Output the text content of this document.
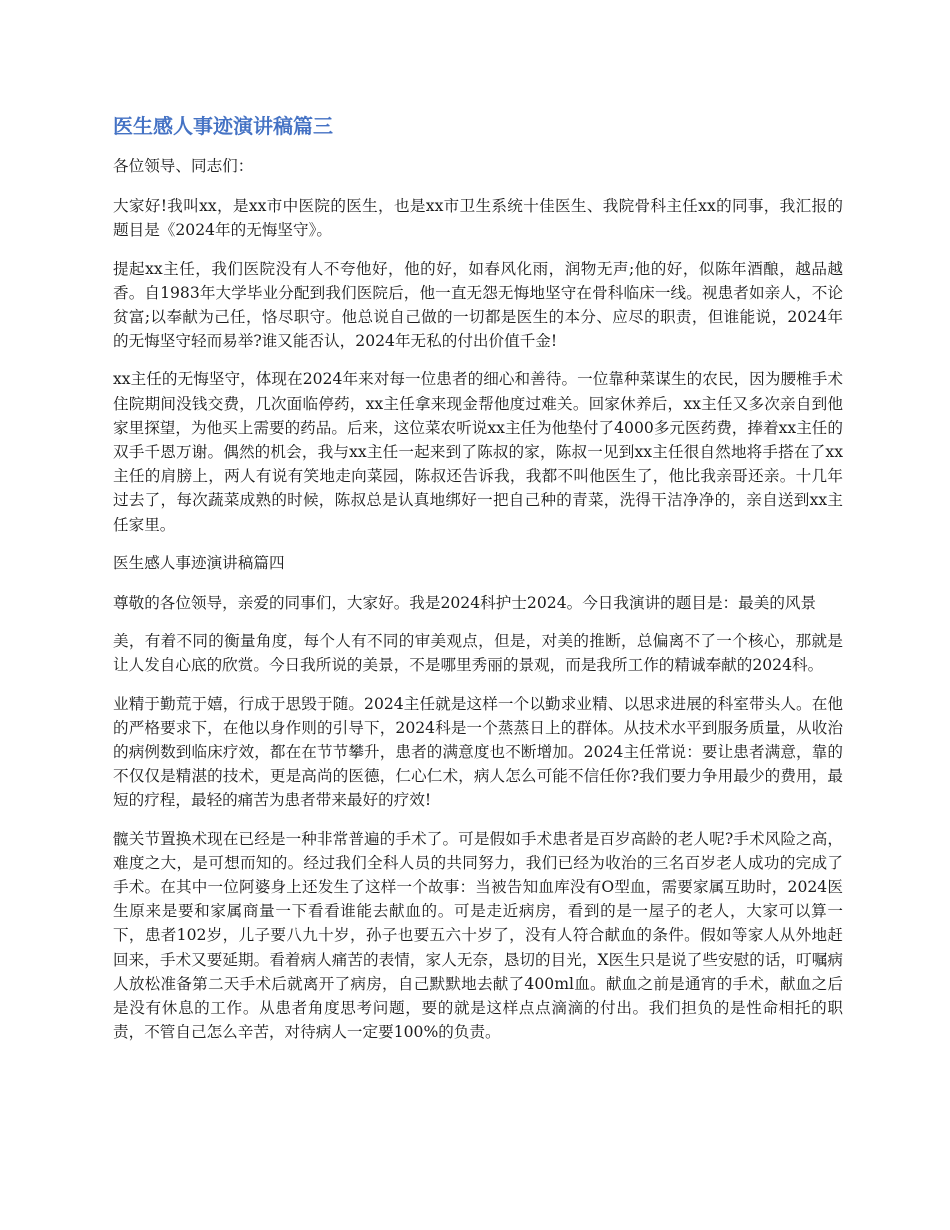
医生感人事迹演讲稿篇三

各位领导、同志们：

大家好!我叫xx，是xx市中医院的医生，也是xx市卫生系统十佳医生、我院骨科主任xx的同事，我汇报的题目是《2024年的无悔坚守》。

提起xx主任，我们医院没有人不夸他好，他的好，如春风化雨，润物无声;他的好，似陈年酒酿，越品越香。自1983年大学毕业分配到我们医院后，他一直无怨无悔地坚守在骨科临床一线。视患者如亲人，不论贫富;以奉献为己任，恪尽职守。他总说自己做的一切都是医生的本分、应尽的职责，但谁能说，2024年的无悔坚守轻而易举?谁又能否认，2024年无私的付出价值千金!

xx主任的无悔坚守，体现在2024年来对每一位患者的细心和善待。一位靠种菜谋生的农民，因为腰椎手术住院期间没钱交费，几次面临停药，xx主任拿来现金帮他度过难关。回家休养后，xx主任又多次亲自到他家里探望，为他买上需要的药品。后来，这位菜农听说xx主任为他垫付了4000多元医药费，捧着xx主任的双手千恩万谢。偶然的机会，我与xx主任一起来到了陈叔的家，陈叔一见到xx主任很自然地将手搭在了xx主任的肩膀上，两人有说有笑地走向菜园，陈叔还告诉我，我都不叫他医生了，他比我亲哥还亲。十几年过去了，每次蔬菜成熟的时候，陈叔总是认真地绑好一把自己种的青菜，洗得干洁净净的，亲自送到xx主任家里。

医生感人事迹演讲稿篇四

尊敬的各位领导，亲爱的同事们，大家好。我是2024科护士2024。今日我演讲的题目是：最美的风景

美，有着不同的衡量角度，每个人有不同的审美观点，但是，对美的推断，总偏离不了一个核心，那就是让人发自心底的欣赏。今日我所说的美景，不是哪里秀丽的景观，而是我所工作的精诚奉献的2024科。

业精于勤荒于嬉，行成于思毁于随。2024主任就是这样一个以勤求业精、以思求进展的科室带头人。在他的严格要求下，在他以身作则的引导下，2024科是一个蒸蒸日上的群体。从技术水平到服务质量，从收治的病例数到临床疗效，都在在节节攀升，患者的满意度也不断增加。2024主任常说：要让患者满意，靠的不仅仅是精湛的技术，更是高尚的医德，仁心仁术，病人怎么可能不信任你?我们要力争用最少的费用，最短的疗程，最轻的痛苦为患者带来最好的疗效!

髋关节置换术现在已经是一种非常普遍的手术了。可是假如手术患者是百岁高龄的老人呢?手术风险之高，难度之大，是可想而知的。经过我们全科人员的共同努力，我们已经为收治的三名百岁老人成功的完成了手术。在其中一位阿婆身上还发生了这样一个故事：当被告知血库没有O型血，需要家属互助时，2024医生原来是要和家属商量一下看看谁能去献血的。可是走近病房，看到的是一屋子的老人，大家可以算一下，患者102岁，儿子要八九十岁，孙子也要五六十岁了，没有人符合献血的条件。假如等家人从外地赶回来，手术又要延期。看着病人痛苦的表情，家人无奈，恳切的目光，X医生只是说了些安慰的话，叮嘱病人放松准备第二天手术后就离开了病房，自己默默地去献了400ml血。献血之前是通宵的手术，献血之后是没有休息的工作。从患者角度思考问题，要的就是这样点点滴滴的付出。我们担负的是性命相托的职责，不管自己怎么辛苦，对待病人一定要100%的负责。
